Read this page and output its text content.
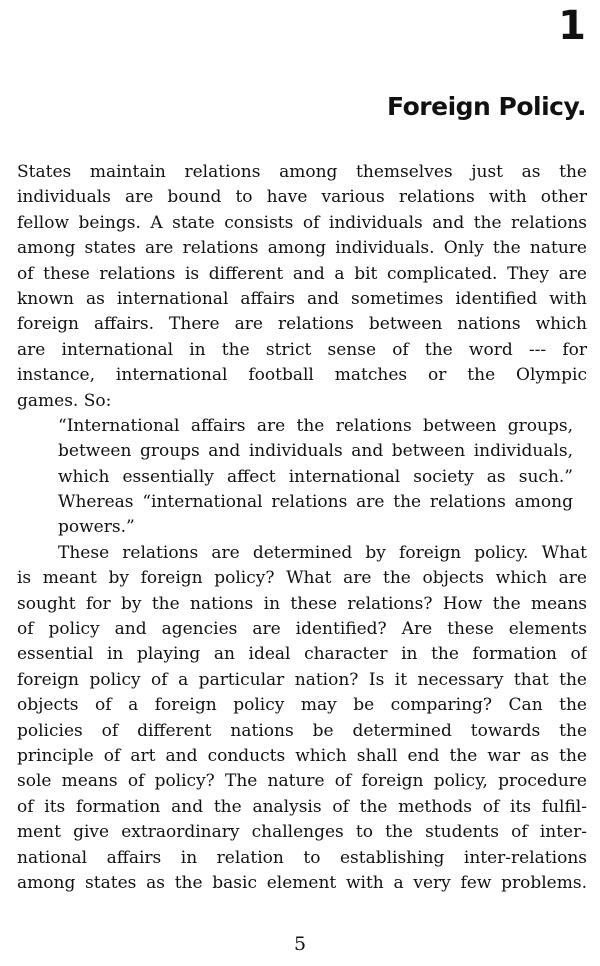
1
Foreign Policy.
States maintain relations among themselves just as the
individuals are bound to have various relations with other
fellow beings. A state consists of individuals and the relations
among states are relations among individuals. Only the nature
of these relations is different and a bit complicated. They are
known as international affairs and sometimes identified with
foreign affairs. There are relations between nations which
are international in the strict sense of the word --- for
instance, international football matches or the Olympic
games. So:
“International affairs are the relations between groups,
between groups and individuals and between individuals,
which essentially affect international society as such.”
Whereas “international relations are the relations among
powers.”
These relations are determined by foreign policy. What
is meant by foreign policy? What are the objects which are
sought for by the nations in these relations? How the means
of policy and agencies are identified? Are these elements
essential in playing an ideal character in the formation of
foreign policy of a particular nation? Is it necessary that the
objects of a foreign policy may be comparing? Can the
policies of different nations be determined towards the
principle of art and conducts which shall end the war as the
sole means of policy? The nature of foreign policy, procedure
of its formation and the analysis of the methods of its fulfil-
ment give extraordinary challenges to the students of inter-
national affairs in relation to establishing inter-relations
among states as the basic element with a very few problems.
5
